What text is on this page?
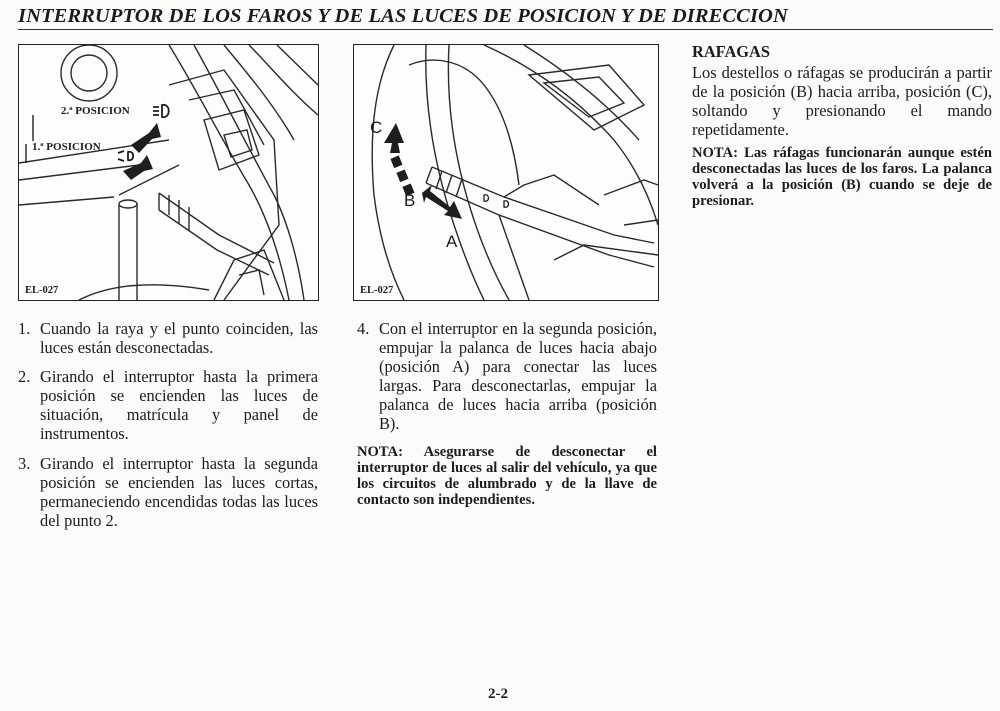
INTERRUPTOR DE LOS FAROS Y DE LAS LUCES DE POSICION Y DE DIRECCION
2.ª POSICION
1.ª POSICION
EL-027
C
B
A
EL-027
1. Cuando la raya y el punto coinciden, las luces están desconectadas.
2. Girando el interruptor hasta la primera posición se encienden las luces de situación, matrícula y panel de instrumentos.
3. Girando el interruptor hasta la segunda posición se encienden las luces cortas, permaneciendo encendidas todas las luces del punto 2.
4. Con el interruptor en la segunda posición, empujar la palanca de luces hacia abajo (posición A) para conectar las luces largas. Para desconectarlas, empujar la palanca de luces hacia arriba (posición B).
NOTA: Asegurarse de desconectar el interruptor de luces al salir del vehículo, ya que los circuitos de alumbrado y de la llave de contacto son independientes.
RAFAGAS
Los destellos o ráfagas se producirán a partir de la posición (B) hacia arriba, posición (C), soltando y presionando el mando repetidamente.
NOTA: Las ráfagas funcionarán aunque estén desconectadas las luces de los faros. La palanca volverá a la posición (B) cuando se deje de presionar.
2-2
